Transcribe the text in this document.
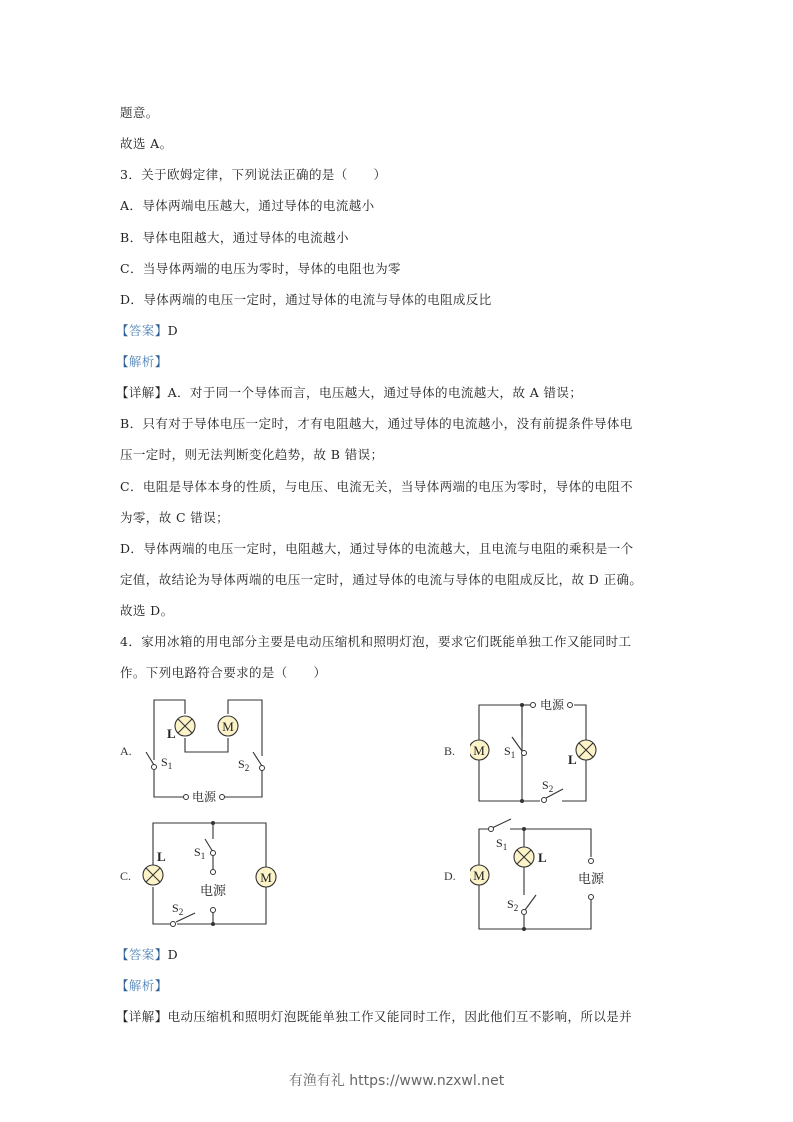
题意。
故选 A。
3．关于欧姆定律，下列说法正确的是（　　）
A．导体两端电压越大，通过导体的电流越小
B．导体电阻越大，通过导体的电流越小
C．当导体两端的电压为零时，导体的电阻也为零
D．导体两端的电压一定时，通过导体的电流与导体的电阻成反比
【答案】D
【解析】
【详解】A．对于同一个导体而言，电压越大，通过导体的电流越大，故 A 错误；
B．只有对于导体电压一定时，才有电阻越大，通过导体的电流越小，没有前提条件导体电
压一定时，则无法判断变化趋势，故 B 错误；
C．电阻是导体本身的性质，与电压、电流无关，当导体两端的电压为零时，导体的电阻不
为零，故 C 错误；
D．导体两端的电压一定时，电阻越大，通过导体的电流越大，且电流与电阻的乘积是一个
定值，故结论为导体两端的电压一定时，通过导体的电流与导体的电阻成反比，故 D 正确。
故选 D。
4．家用冰箱的用电部分主要是电动压缩机和照明灯泡，要求它们既能单独工作又能同时工
作。下列电路符合要求的是（　　）
A.
M
L
$S_1$	$S_2$
电源
B.
电源
$S_1$
$S_2$
M
L
C.
电源
$S_1$
$S_2$
L
M	D.	电源
$S_1$
$S_2$
M
L
【答案】D
【解析】
【详解】电动压缩机和照明灯泡既能单独工作又能同时工作，因此他们互不影响，所以是并
有渔有礼 https://www.nzxwl.net
